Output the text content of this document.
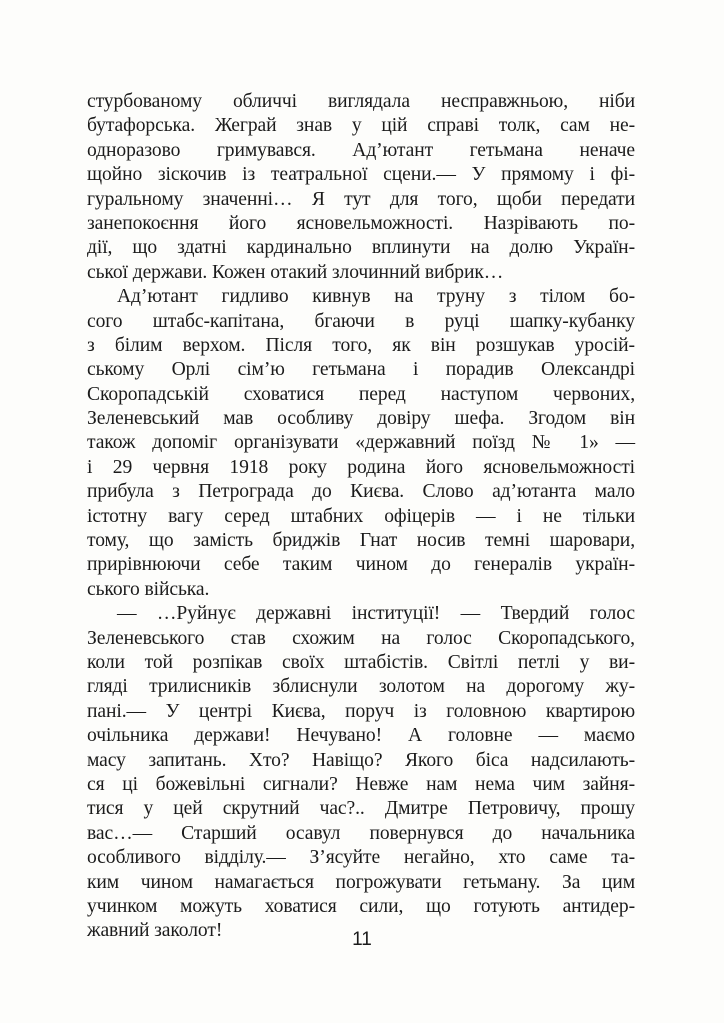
стурбованому обличчі виглядала несправжньою, ніби
бутафорська. Жеграй знав у цій справі толк, сам не-
одноразово гримувався. Ад’ютант гетьмана неначе
щойно зіскочив із театральної сцени.— У прямому і фі-
гуральному значенні… Я тут для того, щоби передати
занепокоєння його ясновельможності. Назрівають по-
дії, що здатні кардинально вплинути на долю Україн-
ської держави. Кожен отакий злочинний вибрик…
Ад’ютант гидливо кивнув на труну з тілом бо-
сого штабс-капітана, бгаючи в руці шапку-кубанку
з білим верхом. Після того, як він розшукав уросій-
ському Орлі сім’ю гетьмана і порадив Олександрі
Скоропадській сховатися перед наступом червоних,
Зеленевський мав особливу довіру шефа. Згодом він
також допоміг організувати «державний поїзд № 1» —
і 29 червня 1918 року родина його ясновельможності
прибула з Петрограда до Києва. Слово ад’ютанта мало
істотну вагу серед штабних офіцерів — і не тільки
тому, що замість бриджів Гнат носив темні шаровари,
прирівнюючи себе таким чином до генералів україн-
ського війська.
— …Руйнує державні інституції! — Твердий голос
Зеленевського став схожим на голос Скоропадського,
коли той розпікав своїх штабістів. Світлі петлі у ви-
гляді трилисників зблиснули золотом на дорогому жу-
пані.— У центрі Києва, поруч із головною квартирою
очільника держави! Нечувано! А головне — маємо
масу запитань. Хто? Навіщо? Якого біса надсилають-
ся ці божевільні сигнали? Невже нам нема чим зайня-
тися у цей скрутний час?.. Дмитре Петровичу, прошу
вас…— Старший осавул повернувся до начальника
особливого відділу.— З’ясуйте негайно, хто саме та-
ким чином намагається погрожувати гетьману. За цим
учинком можуть ховатися сили, що готують антидер-
жавний заколот!	11
